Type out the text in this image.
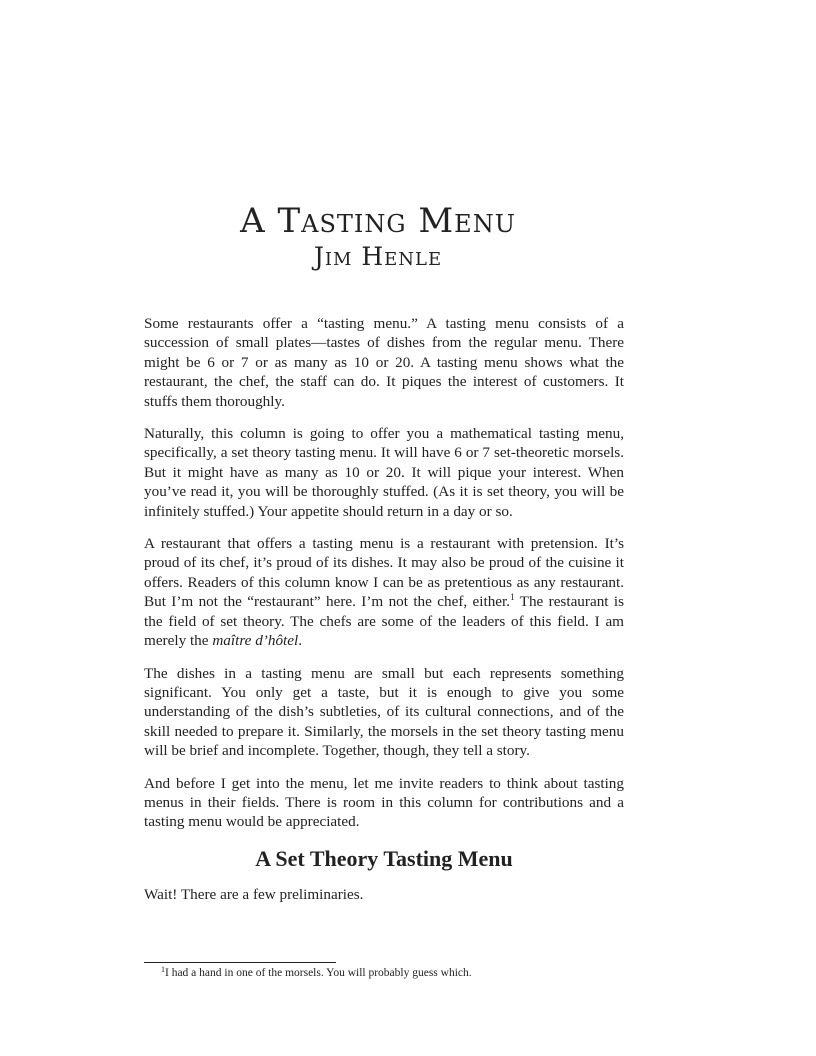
A Tasting Menu
Jim Henle

Some restaurants offer a “tasting menu.” A tasting menu consists of a succession of small plates—tastes of dishes from the regular menu. There might be 6 or 7 or as many as 10 or 20. A tasting menu shows what the restaurant, the chef, the staff can do. It piques the interest of customers. It stuffs them thoroughly.

Naturally, this column is going to offer you a mathematical tasting menu, specifically, a set theory tasting menu. It will have 6 or 7 set-theoretic morsels. But it might have as many as 10 or 20. It will pique your interest. When you’ve read it, you will be thoroughly stuffed. (As it is set theory, you will be infinitely stuffed.) Your appetite should return in a day or so.

A restaurant that offers a tasting menu is a restaurant with pretension. It’s proud of its chef, it’s proud of its dishes. It may also be proud of the cuisine it offers. Readers of this column know I can be as pretentious as any restaurant. But I’m not the “restaurant” here. I’m not the chef, either.$^1$ The restaurant is the field of set theory. The chefs are some of the leaders of this field. I am merely the maître d’hôtel.

The dishes in a tasting menu are small but each represents something significant. You only get a taste, but it is enough to give you some understanding of the dish’s subtleties, of its cultural connections, and of the skill needed to prepare it. Similarly, the morsels in the set theory tasting menu will be brief and incomplete. Together, though, they tell a story.

And before I get into the menu, let me invite readers to think about tasting menus in their fields. There is room in this column for contributions and a tasting menu would be appreciated.

A Set Theory Tasting Menu

Wait! There are a few preliminaries.

$^1$I had a hand in one of the morsels. You will probably guess which.
